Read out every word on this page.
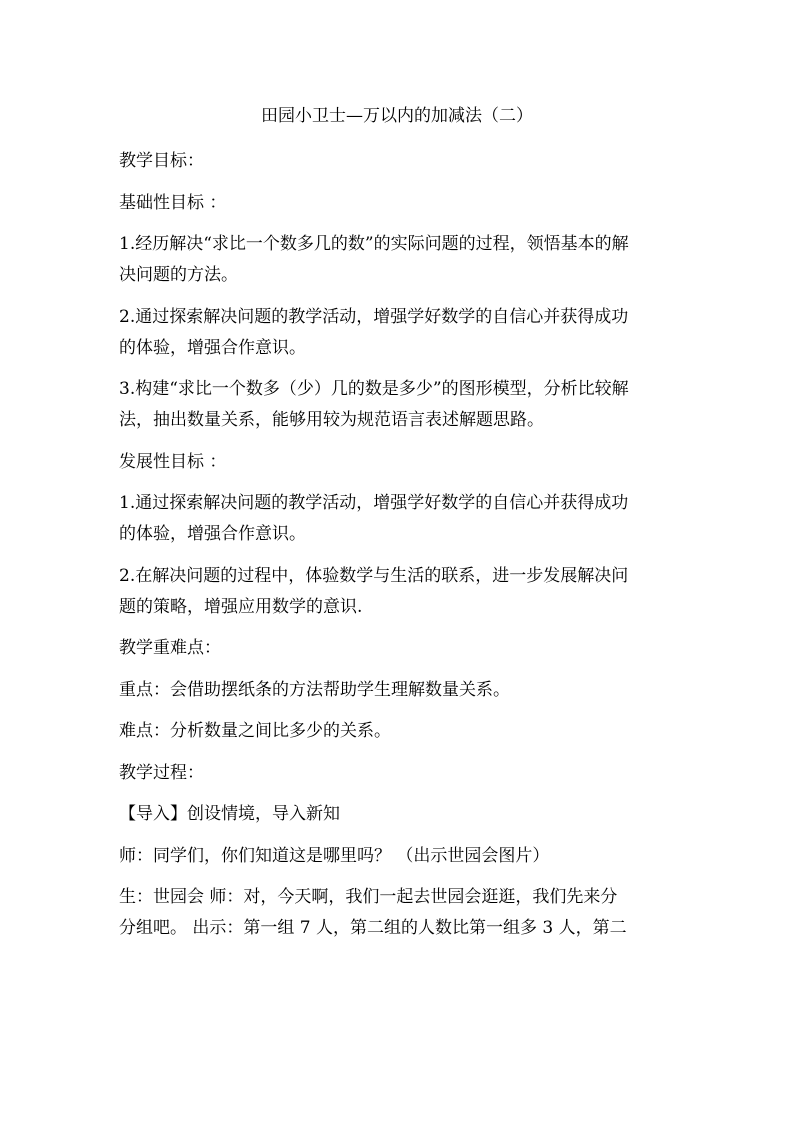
田园小卫士—万以内的加减法（二）

教学目标：

基础性目标 ：

1.经历解决“求比一个数多几的数”的实际问题的过程，领悟基本的解

决问题的方法。

2.通过探索解决问题的教学活动，增强学好数学的自信心并获得成功

的体验，增强合作意识。

3.构建“求比一个数多（少）几的数是多少”的图形模型，分析比较解

法，抽出数量关系，能够用较为规范语言表述解题思路。

发展性目标 ：

1.通过探索解决问题的教学活动，增强学好数学的自信心并获得成功

的体验，增强合作意识。

2.在解决问题的过程中，体验数学与生活的联系，进一步发展解决问

题的策略，增强应用数学的意识.

教学重难点：

重点：会借助摆纸条的方法帮助学生理解数量关系。

难点：分析数量之间比多少的关系。

教学过程：

【导入】创设情境，导入新知

师：同学们，你们知道这是哪里吗？ （出示世园会图片）

生：世园会 师：对，今天啊，我们一起去世园会逛逛，我们先来分

分组吧。 出示：第一组 7 人，第二组的人数比第一组多 3 人，第二
